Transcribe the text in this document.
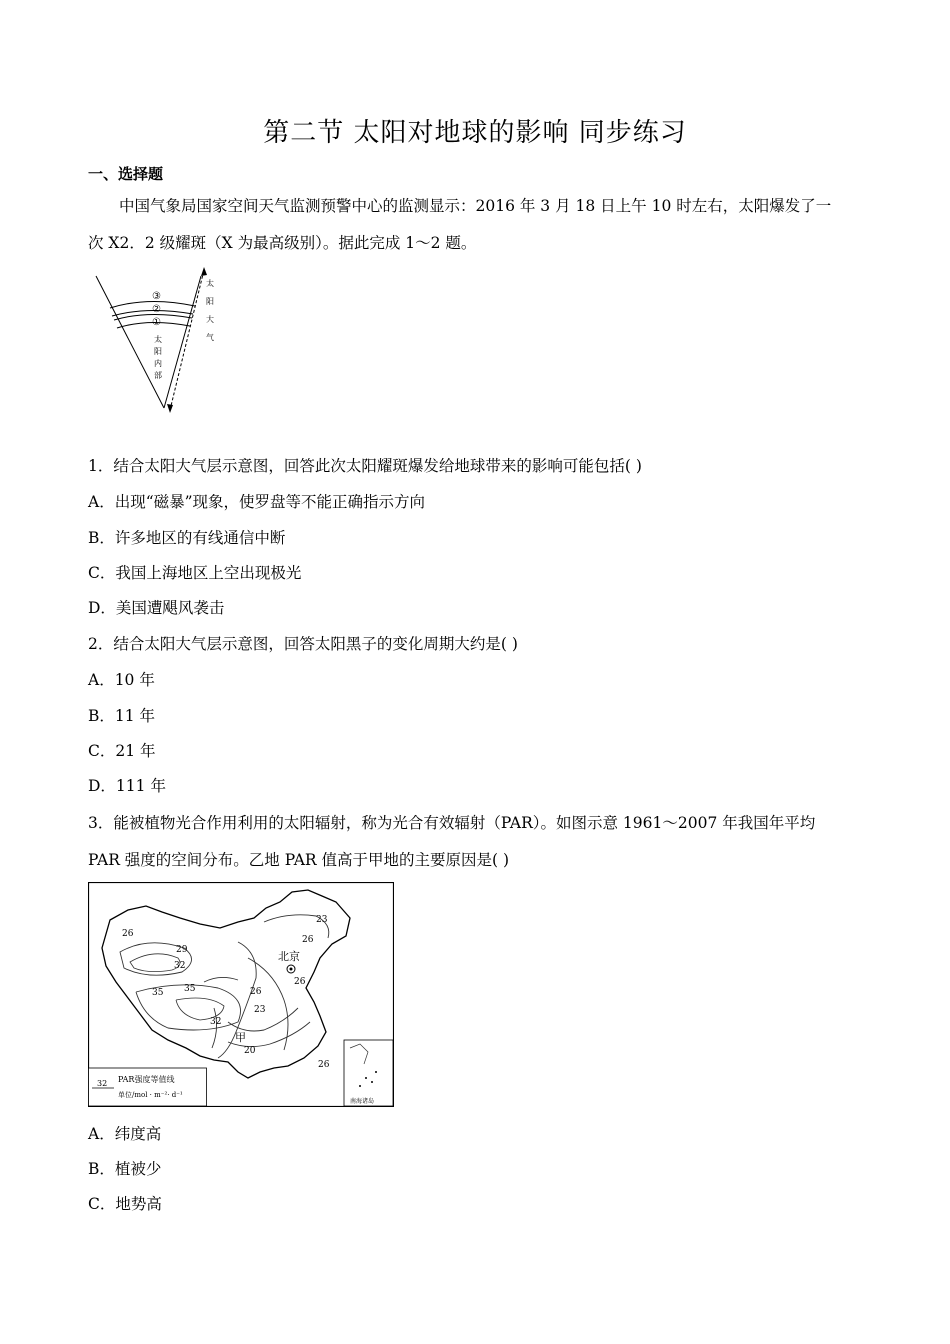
第二节 太阳对地球的影响 同步练习
一、选择题
中国气象局国家空间天气监测预警中心的监测显示：2016 年 3 月 18 日上午 10 时左右，太阳爆发了一
次 X2．2 级耀斑（X 为最高级别）。据此完成 1～2 题。
③
②
①
太
阳
内
部
太
阳
大
气
1．结合太阳大气层示意图，回答此次太阳耀斑爆发给地球带来的影响可能包括( )
A．出现“磁暴”现象，使罗盘等不能正确指示方向
B．许多地区的有线通信中断
C．我国上海地区上空出现极光
D．美国遭飓风袭击
2．结合太阳大气层示意图，回答太阳黑子的变化周期大约是( )
A．10 年
B．11 年
C．21 年
D．111 年
3．能被植物光合作用利用的太阳辐射，称为光合有效辐射（PAR）。如图示意 1961～2007 年我国年平均
PAR 强度的空间分布。乙地 PAR 值高于甲地的主要原因是( )
北京
甲
23
26
29
32
35 35
26
26
23
32
20
26
26
32 PAR强度等值线
单位/mol · m⁻²· d⁻¹
南海诸岛
A．纬度高
B．植被少
C．地势高
